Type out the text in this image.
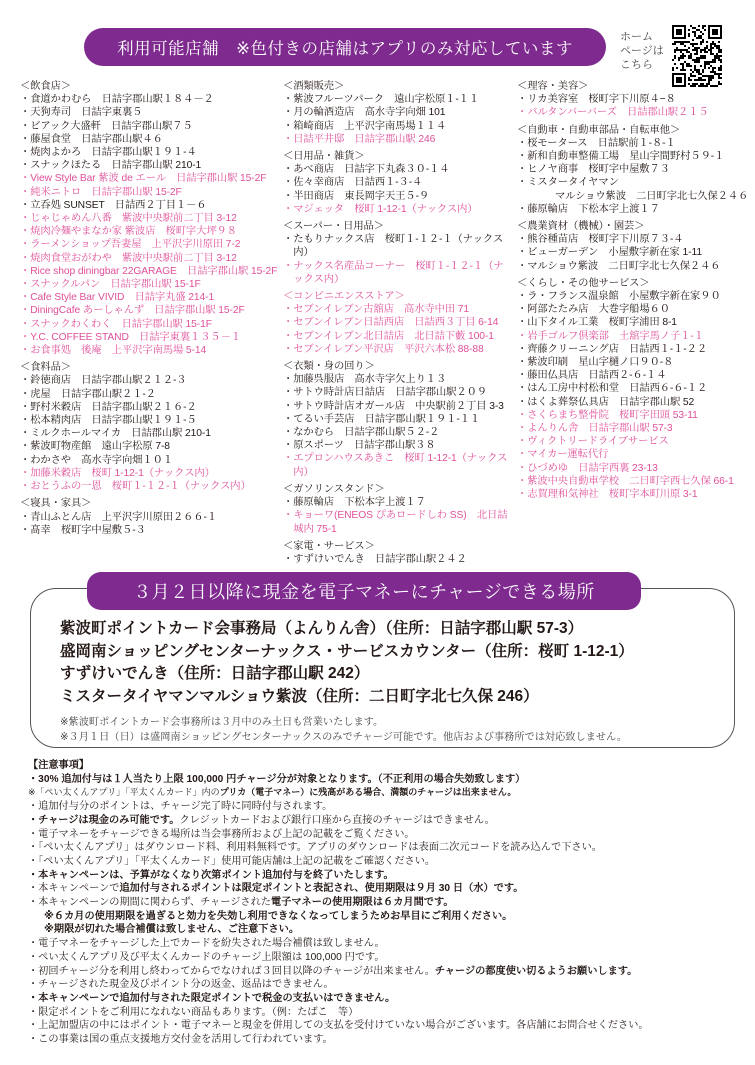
利用可能店舗　※色付きの店舗はアプリのみ対応しています
ホーム
ページは
こちら
＜飲食店＞
・ 食道かわむら　 日詰字郡山駅１８４－２
・ 天狗寿司　 日詰字東裏５
・ ビアック大盛軒　 日詰字郡山駅７５
・ 藤屋食堂　 日詰字郡山駅４６
・ 焼肉よかろ　 日詰字郡山駅１９１-４
・ スナックほたる　 日詰字郡山駅 210-1
・ View Style Bar 紫波 de エール　 日詰字郡山駅 15-2F
・ 純米ニトロ　 日詰字郡山駅 15-2F
・ 立呑処 SUNSET　 日詰西２丁目１－６
・ じゃじゃめん八番　 紫波中央駅前二丁目 3-12
・ 焼肉冷麺やまなか家 紫波店　 桜町字大坪９８
・ ラーメンショップ吾妻屋　 上平沢字川原田 7-2
・ 焼肉食堂おがわや　 紫波中央駅前二丁目 3-12
・ Rice shop diningbar 22GARAGE　 日詰字郡山駅 15-2F
・ スナックルパン　 日詰字郡山駅 15-1F
・ Cafe Style Bar VIVID　 日詰字丸盛 214-1
・ DiningCafe あーしゃんず　 日詰字郡山駅 15-2F
・ スナックわくわく　 日詰字郡山駅 15-1F
・ Y.C. COFFEE STAND　 日詰字東裏１３５－１
・ お食事処　後庵　 上平沢字南馬場 5-14
＜食料品＞
・ 鈴徳商店　 日詰字郡山駅２１２-３
・ 虎屋　 日詰字郡山駅２１-２
・ 野村米穀店　 日詰字郡山駅２１６-２
・ 松本精肉店　 日詰字郡山駅１９１-５
・ ミルクホールマイカ　 日詰郡山駅 210-1
・ 紫波町物産館　 遠山字松原 7-8
・ わかさや　 高水寺字向畑１０１
・ 加藤米穀店　 桜町 1-12-1（ナックス内）
・ おとうふの一恩　 桜町１-１２-１（ナックス内）
＜寝具・家具＞
・ 青山ふとん店　 上平沢字川原田２６６-１
・ 髙幸　 桜町字中屋敷５-３
＜酒類販売＞
・ 紫波フルーツパーク　 遠山字松原１-１１
・ 月の輪酒造店　 高水寺字向畑 101
・ 箱崎商店　 上平沢字南馬場１１４
・ 日詰平井邸　 日詰字郡山駅 246
＜日用品・雑貨＞
・ あべ商店　 日詰字下丸森３０-１４
・ 佐々幸商店　 日詰西１-３-４
・ 半田商店　 東長岡字天王５-９
・ マジェッタ　 桜町 1-12-1（ナックス内）
＜スーパー・日用品＞
・ たもりナックス店　 桜町１-１２-１（ナックス内）
・ ナックス名産品コーナー　 桜町１-１２-１（ナックス内）
＜コンビニエンスストア＞
・ セブンイレブン古舘店　 高水寺中田 71
・ セブンイレブン日詰西店　 日詰西３丁目 6-14
・ セブンイレブン北日詰店　 北日詰下藪 100-1
・ セブンイレブン平沢店　 平沢六本松 88-88
＜衣類・身の回り＞
・ 加藤呉服店　 高水寺字欠上り１３
・ サトウ時計店日詰店　 日詰字郡山駅２０９
・ サトウ時計店オガール店　 中央駅前２丁目 3-3
・ てるい手芸店　 日詰字郡山駅１９１-１１
・ なかむら　 日詰字郡山駅５２-２
・ 原スポーツ　 日詰字郡山駅３８
・ エプロンハウスあきこ　 桜町 1-12-1（ナックス内）
＜ガソリンスタンド＞
・ 藤原輪店　 下松本字上渡１７
・ キョーワ(ENEOS ぴあロードしわ SS)　 北日詰城内 75-1
＜家電・サービス＞
・ すずけいでんき　 日詰字郡山駅２４２
＜理容・美容＞
・ リカ美容室　 桜町字下川原４−８
・ バルタンバーバーズ　 日詰郡山駅２１５
＜自動車・自動車部品・自転車他＞
・ 桜モータース　 日詰駅前１-８-１
・ 新和自動車整備工場　 星山字間野村５９-１
・ ヒノヤ商事　 桜町字中屋敷７３
・ ミスタータイヤマン
マルショウ紫波　二日町字北七久保２４６
・ 藤原輪店　 下松本字上渡１７
＜農業資材（機械）・園芸＞
・ 熊谷種苗店　 桜町字下川原７３-４
・ ビューガーデン　 小屋敷字新在家 1-11
・ マルショウ紫波　 二日町字北七久保２４６
＜くらし・その他サービス＞
・ ラ・フランス温泉館　 小屋敷字新在家９０
・ 阿部たたみ店　 大巻字船場６０
・ 山下タイル工業　 桜町字浦田 8-1
・ 岩手ゴルフ倶楽部　 土舘字馬ノ子１-１
・ 齊藤クリーニング店　 日詰西１-１-２２
・ 紫波印刷　 星山字樋ノ口９０-８
・ 藤田仏具店　 日詰西２-６-１４
・ はん工房中村松和堂　 日詰西６-６-１２
・ はくよ葬祭仏具店　 日詰字郡山駅 52
・ さくらまち整骨院　 桜町字田頭 53-11
・ よんりん舎　 日詰字郡山駅 57-3
・ ヴィクトリードライブサービス
・ マイカー運転代行
・ ひづめゆ　 日詰字西裏 23-13
・ 紫波中央自動車学校　 二日町字西七久保 66-1
・ 志賀理和気神社　 桜町字本町川原 3-1
３月２日以降に現金を電子マネーにチャージできる場所
紫波町ポイントカード会事務局（よんりん舎）（住所：日詰字郡山駅 57-3）
盛岡南ショッピングセンターナックス・サービスカウンター（住所：桜町 1-12-1）
すずけいでんき（住所：日詰字郡山駅 242）
ミスタータイヤマンマルショウ紫波（住所：二日町字北七久保 246）
※紫波町ポイントカード会事務所は３月中のみ土日も営業いたします。
※３月１日（日）は盛岡南ショッピングセンターナックスのみでチャージ可能です。他店および事務所では対応致しません。
【注意事項】
・30% 追加付与は１人当たり上限 100,000 円チャージ分が対象となります。（不正利用の場合失効致します）
※「ぺい太くんアプリ」「平太くんカード」内のプリカ（電子マネー）に残高がある場合、満額のチャージは出来ません。
・追加付与分のポイントは、チャージ完了時に同時付与されます。
・チャージは現金のみ可能です。クレジットカードおよび銀行口座から直接のチャージはできません。
・電子マネーをチャージできる場所は当会事務所および上記の記載をご覧ください。
・「ぺい太くんアプリ」はダウンロード料、利用料無料です。アプリのダウンロードは表面二次元コードを読み込んで下さい。
・「ぺい太くんアプリ」「平太くんカード」使用可能店舗は上記の記載をご確認ください。
・本キャンペーンは、予算がなくなり次第ポイント追加付与を終了いたします。
・本キャンペーンで追加付与されるポイントは限定ポイントと表記され、使用期限は９月 30 日（水）です。
・本キャンペーンの期間に関わらず、チャージされた電子マネーの使用期限は６カ月間です。
※６カ月の使用期限を過ぎると効力を失効し利用できなくなってしまうためお早目にご利用ください。
※期限が切れた場合補償は致しません、ご注意下さい。
・電子マネーをチャージした上でカードを紛失された場合補償は致しません。
・ぺい太くんアプリ及び平太くんカードのチャージ上限額は 100,000 円です。
・初回チャージ分を利用し終わってからでなければ３回目以降のチャージが出来ません。チャージの都度使い切るようお願いします。
・チャージされた現金及びポイント分の返金、返品はできません。
・本キャンペーンで追加付与された限定ポイントで税金の支払いはできません。
・限定ポイントをご利用になれない商品もあります。（例：たばこ　等）
・上記加盟店の中にはポイント・電子マネーと現金を併用しての支払を受付けていない場合がございます。各店舗にお問合せください。
・この事業は国の重点支援地方交付金を活用して行われています。
